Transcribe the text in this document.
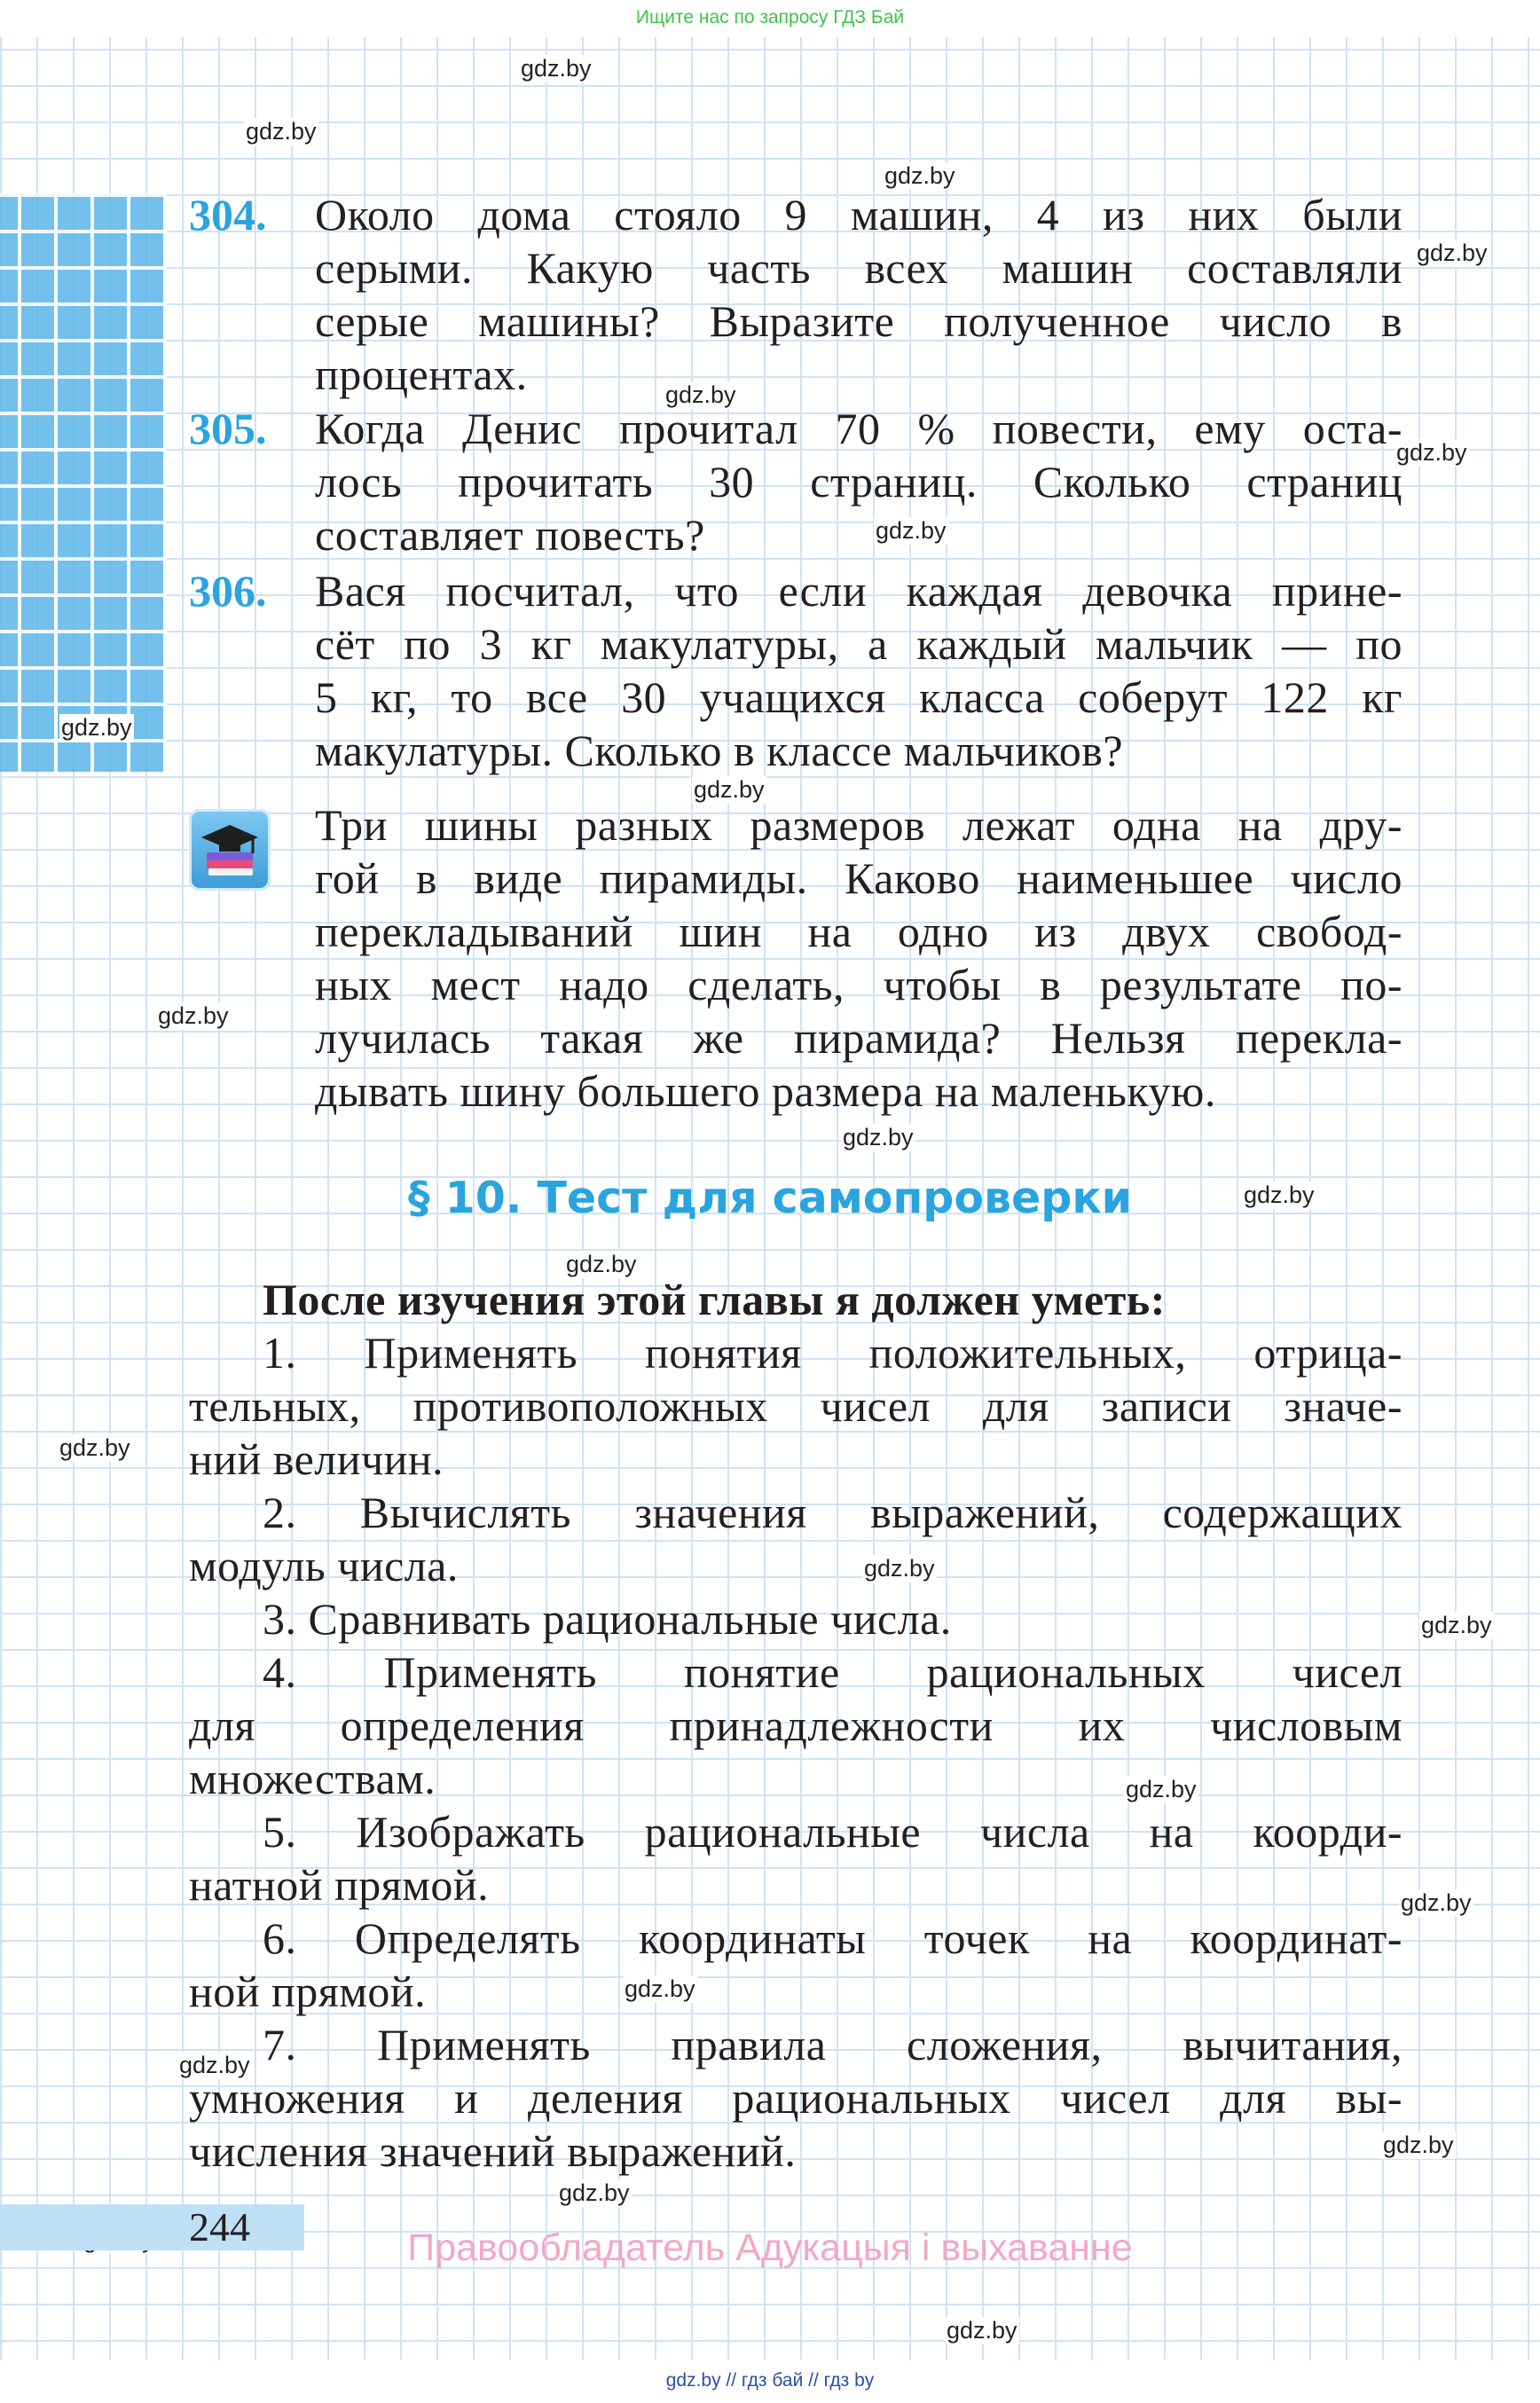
Ищите нас по запросу ГДЗ Бай
gdz.by
gdz.by
gdz.by
gdz.by
gdz.by
gdz.by
gdz.by
gdz.by
gdz.by
gdz.by
gdz.by
gdz.by
gdz.by
gdz.by
gdz.by
gdz.by
gdz.by
gdz.by
gdz.by
gdz.by
gdz.by
gdz.by
gdz.by
304. Около дома стояло 9 машин, 4 из них были
серыми. Какую часть всех машин составляли
серые машины? Выразите полученное число в
процентах.
305. Когда Денис прочитал 70 % повести, ему оста-
лось прочитать 30 страниц. Сколько страниц
составляет повесть?
306. Вася посчитал, что если каждая девочка прине-
сёт по 3 кг макулатуры, а каждый мальчик — по
5 кг, то все 30 учащихся класса соберут 122 кг
макулатуры. Сколько в классе мальчиков?
Три шины разных размеров лежат одна на дру-
гой в виде пирамиды. Каково наименьшее число
перекладываний шин на одно из двух свобод-
ных мест надо сделать, чтобы в результате по-
лучилась такая же пирамида? Нельзя перекла-
дывать шину большего размера на маленькую.
§ 10. Тест для самопроверки
После изучения этой главы я должен уметь:
1. Применять понятия положительных, отрица-
тельных, противоположных чисел для записи значе-
ний величин.
2. Вычислять значения выражений, содержащих
модуль числа.
3. Сравнивать рациональные числа.
4. Применять понятие рациональных чисел
для определения принадлежности их числовым
множествам.
5. Изображать рациональные числа на коорди-
натной прямой.
6. Определять координаты точек на координат-
ной прямой.
7. Применять правила сложения, вычитания,
умножения и деления рациональных чисел для вы-
числения значений выражений.
244	Правообладатель Адукацыя і выхаванне
gdz.by // гдз бай // гдз by
